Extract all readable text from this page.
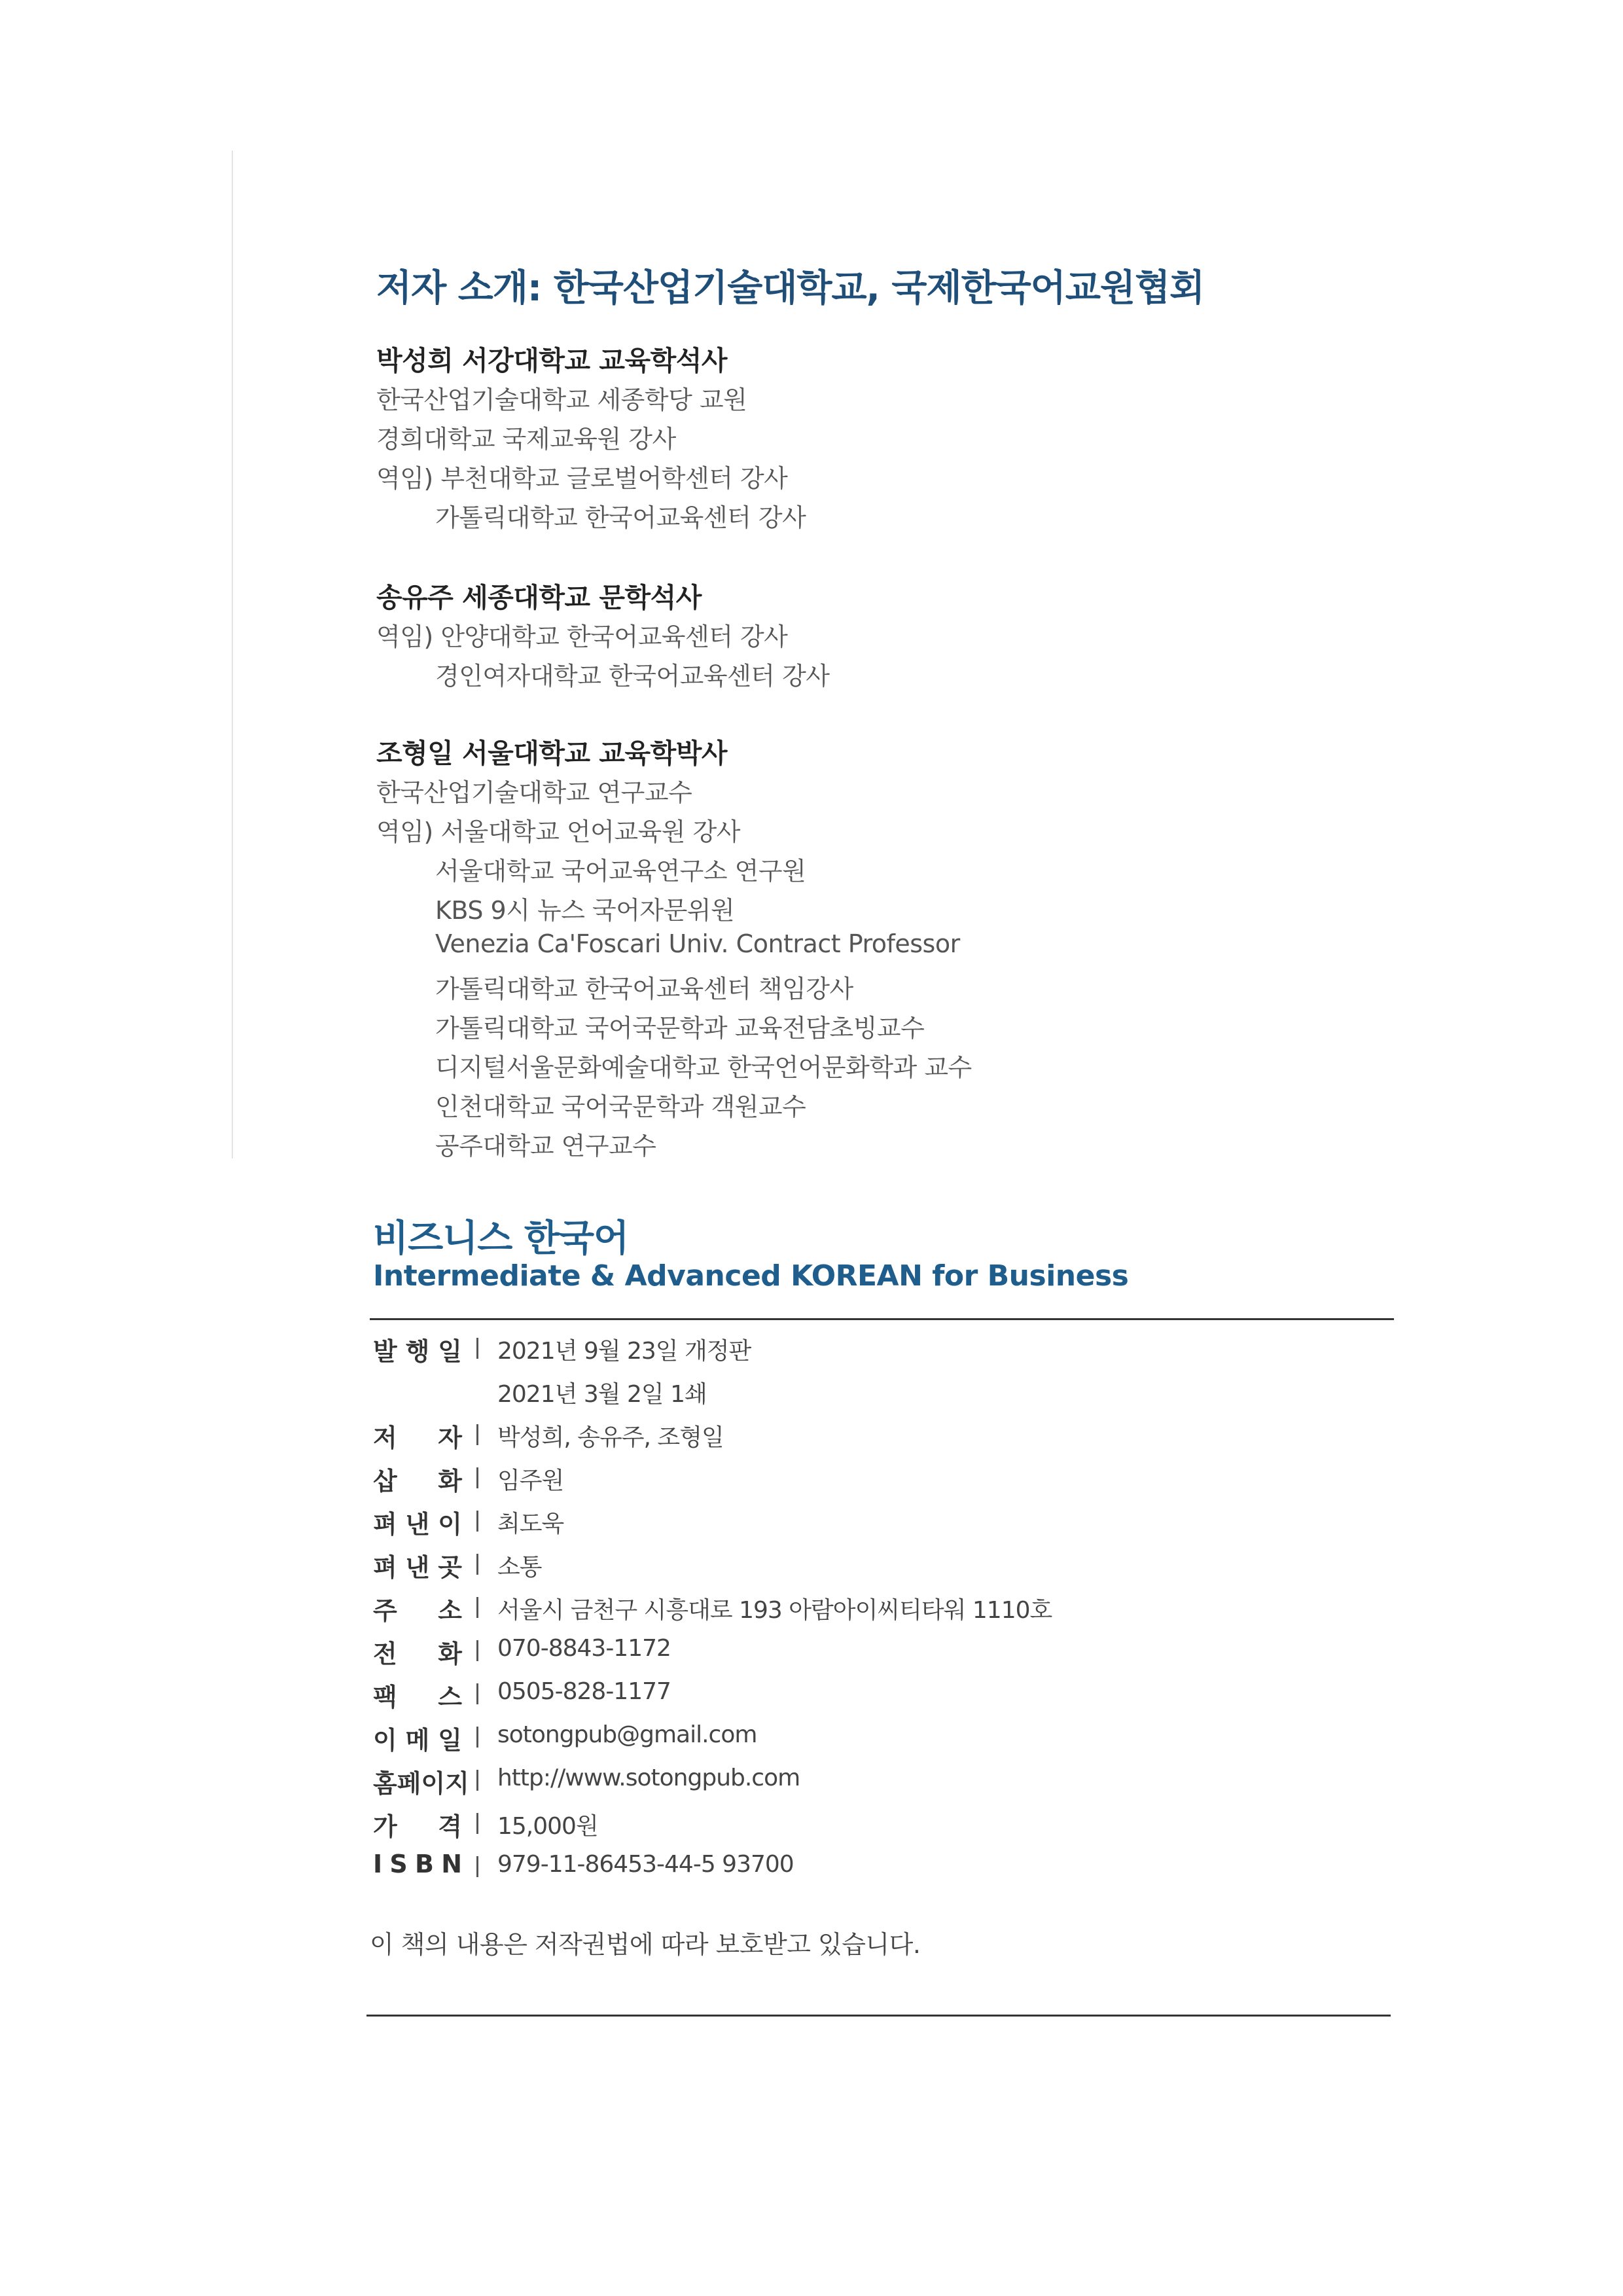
저자 소개: 한국산업기술대학교, 국제한국어교원협회
박성희 서강대학교 교육학석사
한국산업기술대학교 세종학당 교원
경희대학교 국제교육원 강사
역임) 부천대학교 글로벌어학센터 강사
가톨릭대학교 한국어교육센터 강사
송유주 세종대학교 문학석사
역임) 안양대학교 한국어교육센터 강사
경인여자대학교 한국어교육센터 강사
조형일 서울대학교 교육학박사
한국산업기술대학교 연구교수
역임) 서울대학교 언어교육원 강사
서울대학교 국어교육연구소 연구원
KBS 9시 뉴스 국어자문위원
Venezia Ca'Foscari Univ. Contract Professor
가톨릭대학교 한국어교육센터 책임강사
가톨릭대학교 국어국문학과 교육전담초빙교수
디지털서울문화예술대학교 한국언어문화학과 교수
인천대학교 국어국문학과 객원교수
공주대학교 연구교수
비즈니스 한국어
Intermediate & Advanced KOREAN for Business
발 행 일 2021년 9월 23일 개정판
2021년 3월 2일 1쇄
저 자 박성희, 송유주, 조형일
삽 화 임주원
펴 낸 이 최도욱
펴 낸 곳 소통
주 소 서울시 금천구 시흥대로 193 아람아이씨티타워 1110호
전 화 070-8843-1172
팩 스 0505-828-1177
이 메 일 sotongpub@gmail.com
홈 페 이 지 http://www.sotongpub.com
가 격 15,000원
I S B N 979-11-86453-44-5 93700
이 책의 내용은 저작권법에 따라 보호받고 있습니다.
